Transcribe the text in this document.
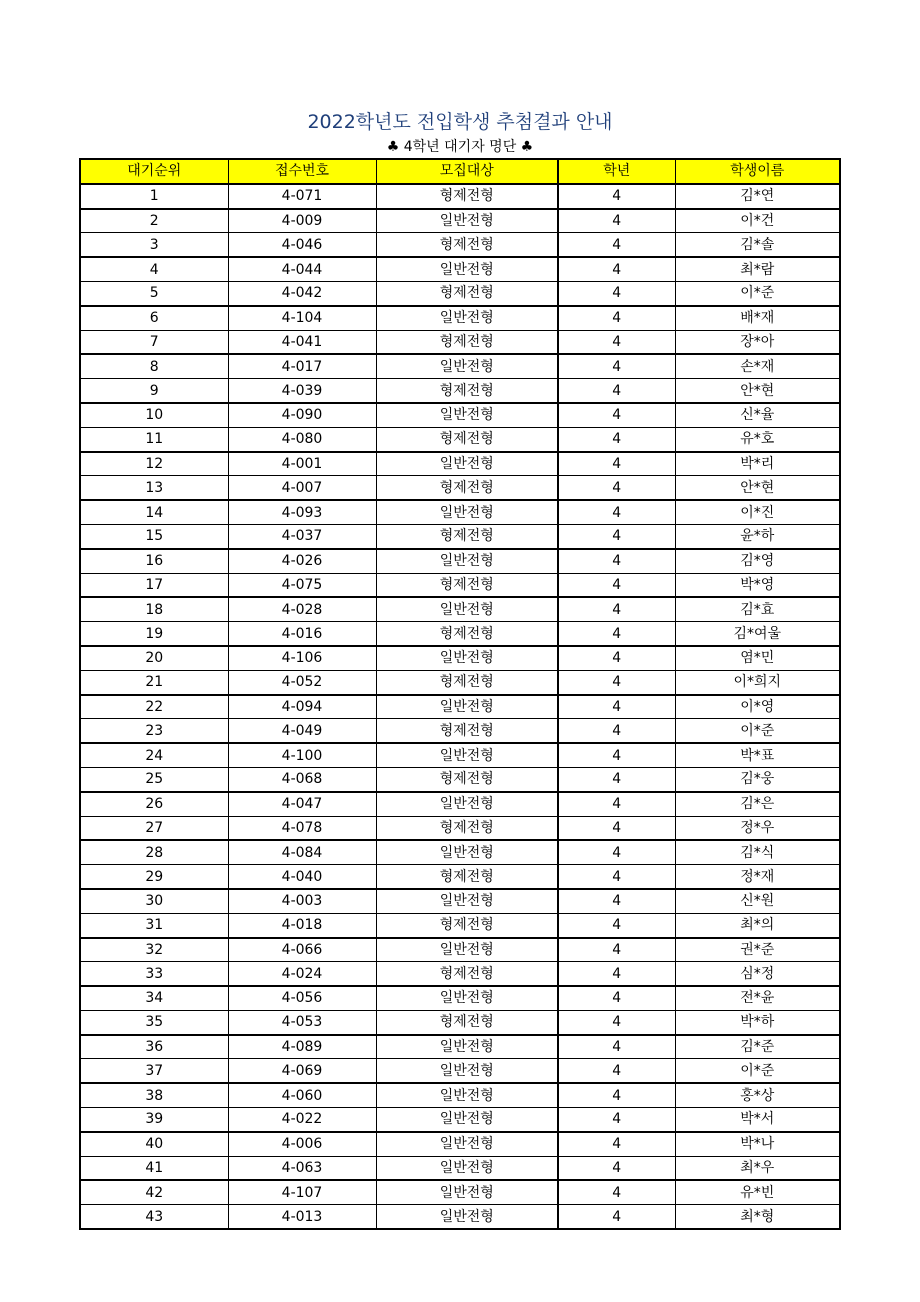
2022학년도 전입학생 추첨결과 안내
♣ 4학년 대기자 명단 ♣
대기순위	접수번호	모집대상	학년	학생이름
1	4-071	형제전형	4	김*연
2	4-009	일반전형	4	이*건
3	4-046	형제전형	4	김*솔
4	4-044	일반전형	4	최*람
5	4-042	형제전형	4	이*준
6	4-104	일반전형	4	배*재
7	4-041	형제전형	4	장*아
8	4-017	일반전형	4	손*재
9	4-039	형제전형	4	안*현
10	4-090	일반전형	4	신*율
11	4-080	형제전형	4	유*호
12	4-001	일반전형	4	박*리
13	4-007	형제전형	4	안*현
14	4-093	일반전형	4	이*진
15	4-037	형제전형	4	윤*하
16	4-026	일반전형	4	김*영
17	4-075	형제전형	4	박*영
18	4-028	일반전형	4	김*효
19	4-016	형제전형	4	김*여울
20	4-106	일반전형	4	염*민
21	4-052	형제전형	4	이*희지
22	4-094	일반전형	4	이*영
23	4-049	형제전형	4	이*준
24	4-100	일반전형	4	박*표
25	4-068	형제전형	4	김*웅
26	4-047	일반전형	4	김*은
27	4-078	형제전형	4	정*우
28	4-084	일반전형	4	김*식
29	4-040	형제전형	4	정*재
30	4-003	일반전형	4	신*원
31	4-018	형제전형	4	최*의
32	4-066	일반전형	4	권*준
33	4-024	형제전형	4	심*정
34	4-056	일반전형	4	전*윤
35	4-053	형제전형	4	박*하
36	4-089	일반전형	4	김*준
37	4-069	일반전형	4	이*준
38	4-060	일반전형	4	홍*상
39	4-022	일반전형	4	박*서
40	4-006	일반전형	4	박*나
41	4-063	일반전형	4	최*우
42	4-107	일반전형	4	유*빈
43	4-013	일반전형	4	최*형
